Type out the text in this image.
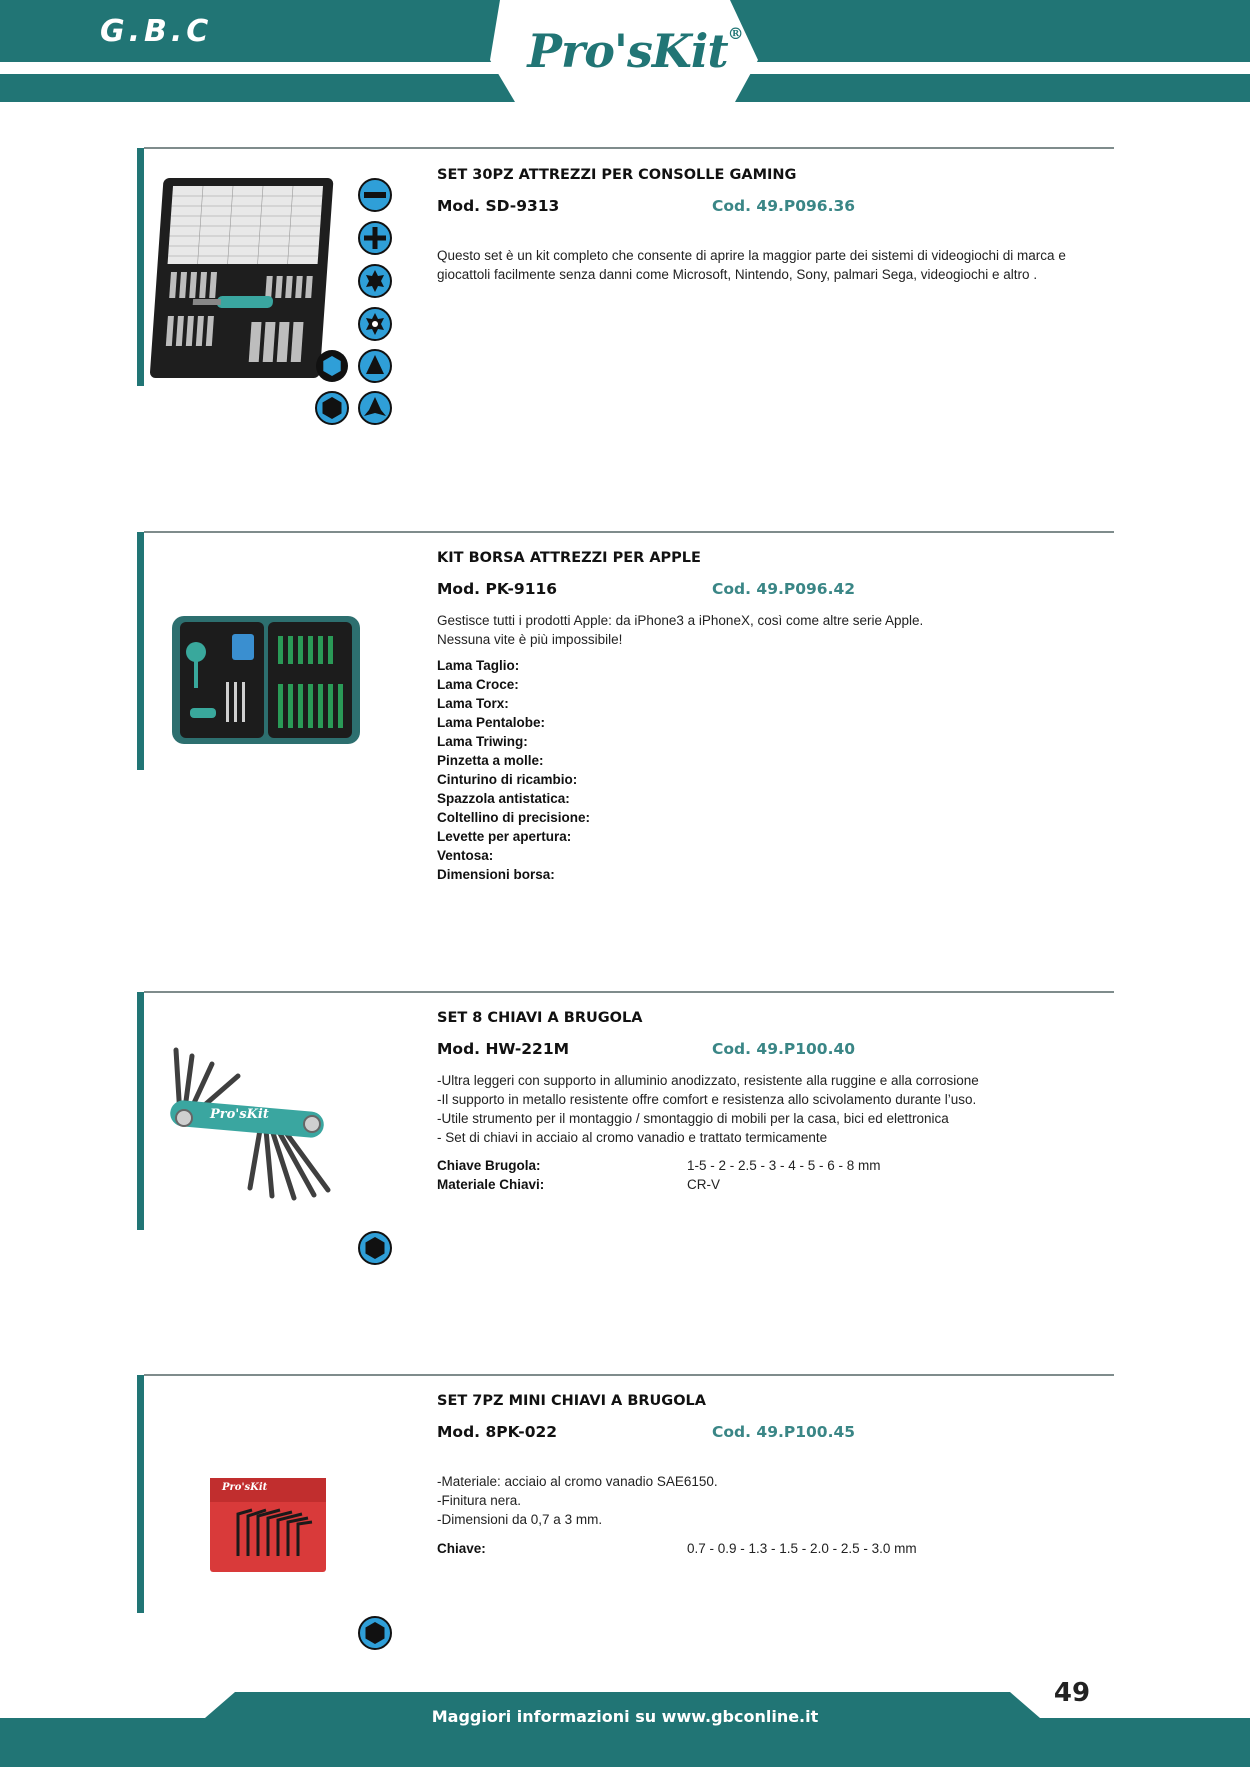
G.B.C	Pro'sKit®
SET 30PZ ATTREZZI PER CONSOLLE GAMING
Mod. SD-9313	Cod. 49.P096.36
Questo set è un kit completo che consente di aprire la maggior parte dei sistemi di videogiochi di marca e
giocattoli facilmente senza danni come Microsoft, Nintendo, Sony, palmari Sega, videogiochi e altro .
KIT BORSA ATTREZZI PER APPLE
Mod. PK-9116	Cod. 49.P096.42
Gestisce tutti i prodotti Apple: da iPhone3 a iPhoneX, così come altre serie Apple.
Nessuna vite è più impossibile!
Lama Taglio:
Lama Croce:
Lama Torx:
Lama Pentalobe:
Lama Triwing:
Pinzetta a molle:
Cinturino di ricambio:
Spazzola antistatica:
Coltellino di precisione:
Levette per apertura:
Ventosa:
Dimensioni borsa:
Pro'sKit
SET 8 CHIAVI A BRUGOLA
Mod. HW-221M	Cod. 49.P100.40
-Ultra leggeri con supporto in alluminio anodizzato, resistente alla ruggine e alla corrosione
-Il supporto in metallo resistente offre comfort e resistenza allo scivolamento durante l’uso.
-Utile strumento per il montaggio / smontaggio di mobili per la casa, bici ed elettronica
- Set di chiavi in acciaio al cromo vanadio e trattato termicamente
Chiave Brugola:	1-5 - 2 - 2.5 - 3 - 4 - 5 - 6 - 8 mm
Materiale Chiavi:	CR-V
Pro'sKit
SET 7PZ MINI CHIAVI A BRUGOLA
Mod. 8PK-022	Cod. 49.P100.45
-Materiale: acciaio al cromo vanadio SAE6150.
-Finitura nera.
-Dimensioni da 0,7 a 3 mm.
Chiave:	0.7 - 0.9 - 1.3 - 1.5 - 2.0 - 2.5 - 3.0 mm
Maggiori informazioni su www.gbconline.it
49
